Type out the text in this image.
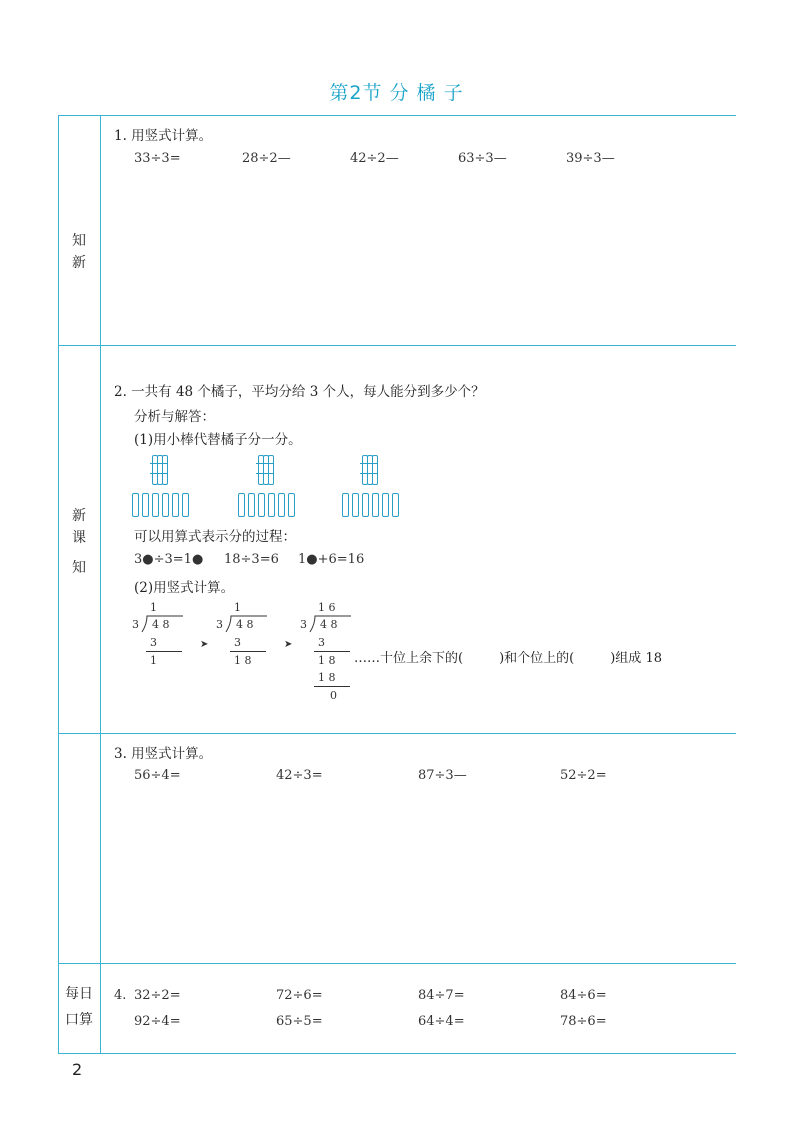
第2节 分 橘 子
知
新
新
课
知
每日
口算
1. 用竖式计算。
33÷3=	28÷2—	42÷2—	63÷3—	39÷3—
2. 一共有 48 个橘子，平均分给 3 个人，每人能分到多少个？
分析与解答：
(1)用小棒代替橘子分一分。
可以用算式表示分的过程：
3●÷3=1● 18÷3=6 1●+6=16
(2)用竖式计算。
1
3 4 8
3
1
➤
1
3 4 8
3
1 8
➤
1 6
3 4 8
3
1 8
1 8
0
……十位上余下的(	)和个位上的(	)组成 18
3. 用竖式计算。
56÷4=	42÷3=	87÷3—	52÷2=
4. 32÷2=	72÷6=	84÷7=	84÷6=
92÷4=	65÷5=	64÷4=	78÷6=
2
